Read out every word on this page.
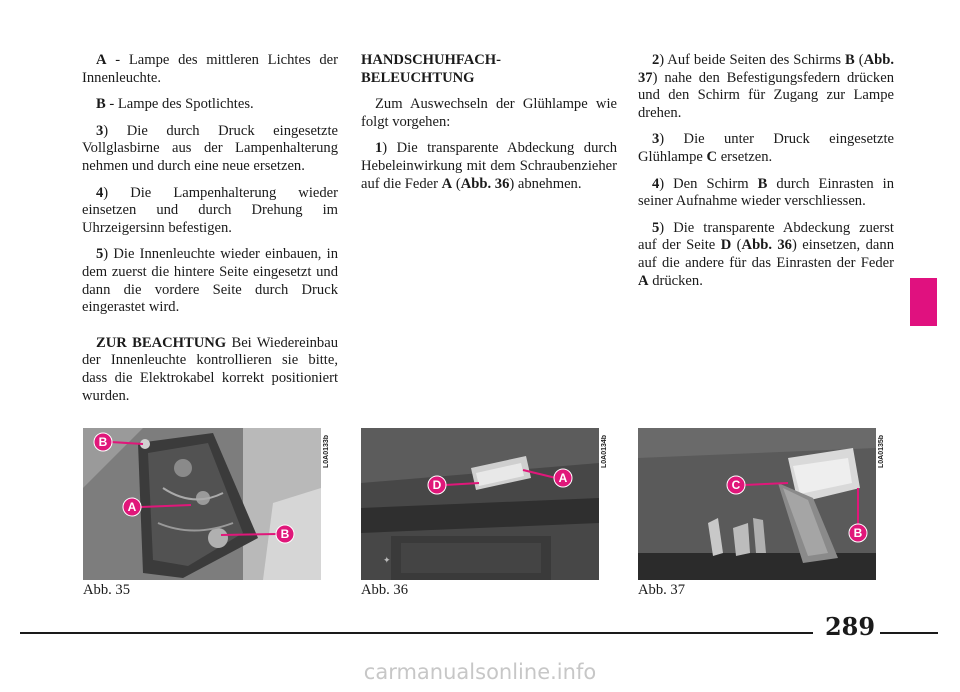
A - Lampe des mittleren Lichtes der Innenleuchte.

B - Lampe des Spotlichtes.

3) Die durch Druck eingesetzte Vollglasbirne aus der Lampenhalterung nehmen und durch eine neue ersetzen.

4) Die Lampenhalterung wieder einsetzen und durch Drehung im Uhrzeigersinn befestigen.

5) Die Innenleuchte wieder einbauen, in dem zuerst die hintere Seite eingesetzt und dann die vordere Seite durch Druck eingerastet wird.

ZUR BEACHTUNG Bei Wiedereinbau der Innenleuchte kontrollieren sie bitte, dass die Elektrokabel korrekt positioniert wurden.

HANDSCHUHFACH-
BELEUCHTUNG

Zum Auswechseln der Glühlampe wie folgt vorgehen:

1) Die transparente Abdeckung durch Hebeleinwirkung mit dem Schraubenzieher auf die Feder A (Abb. 36) abnehmen.

2) Auf beide Seiten des Schirms B (Abb. 37) nahe den Befestigungsfedern drücken und den Schirm für Zugang zur Lampe drehen.

3) Die unter Druck eingesetzte Glühlampe C ersetzen.

4) Den Schirm B durch Einrasten in seiner Aufnahme wieder verschliessen.

5) Die transparente Abdeckung zuerst auf der Seite D (Abb. 36) einsetzen, dann auf die andere für das Einrasten der Feder A drücken.

B
A
B
L0A0133b
Abb. 35
✦
D	A
L0A0134b
Abb. 36
C
B
L0A0135b
Abb. 37
289
carmanualsonline.info
